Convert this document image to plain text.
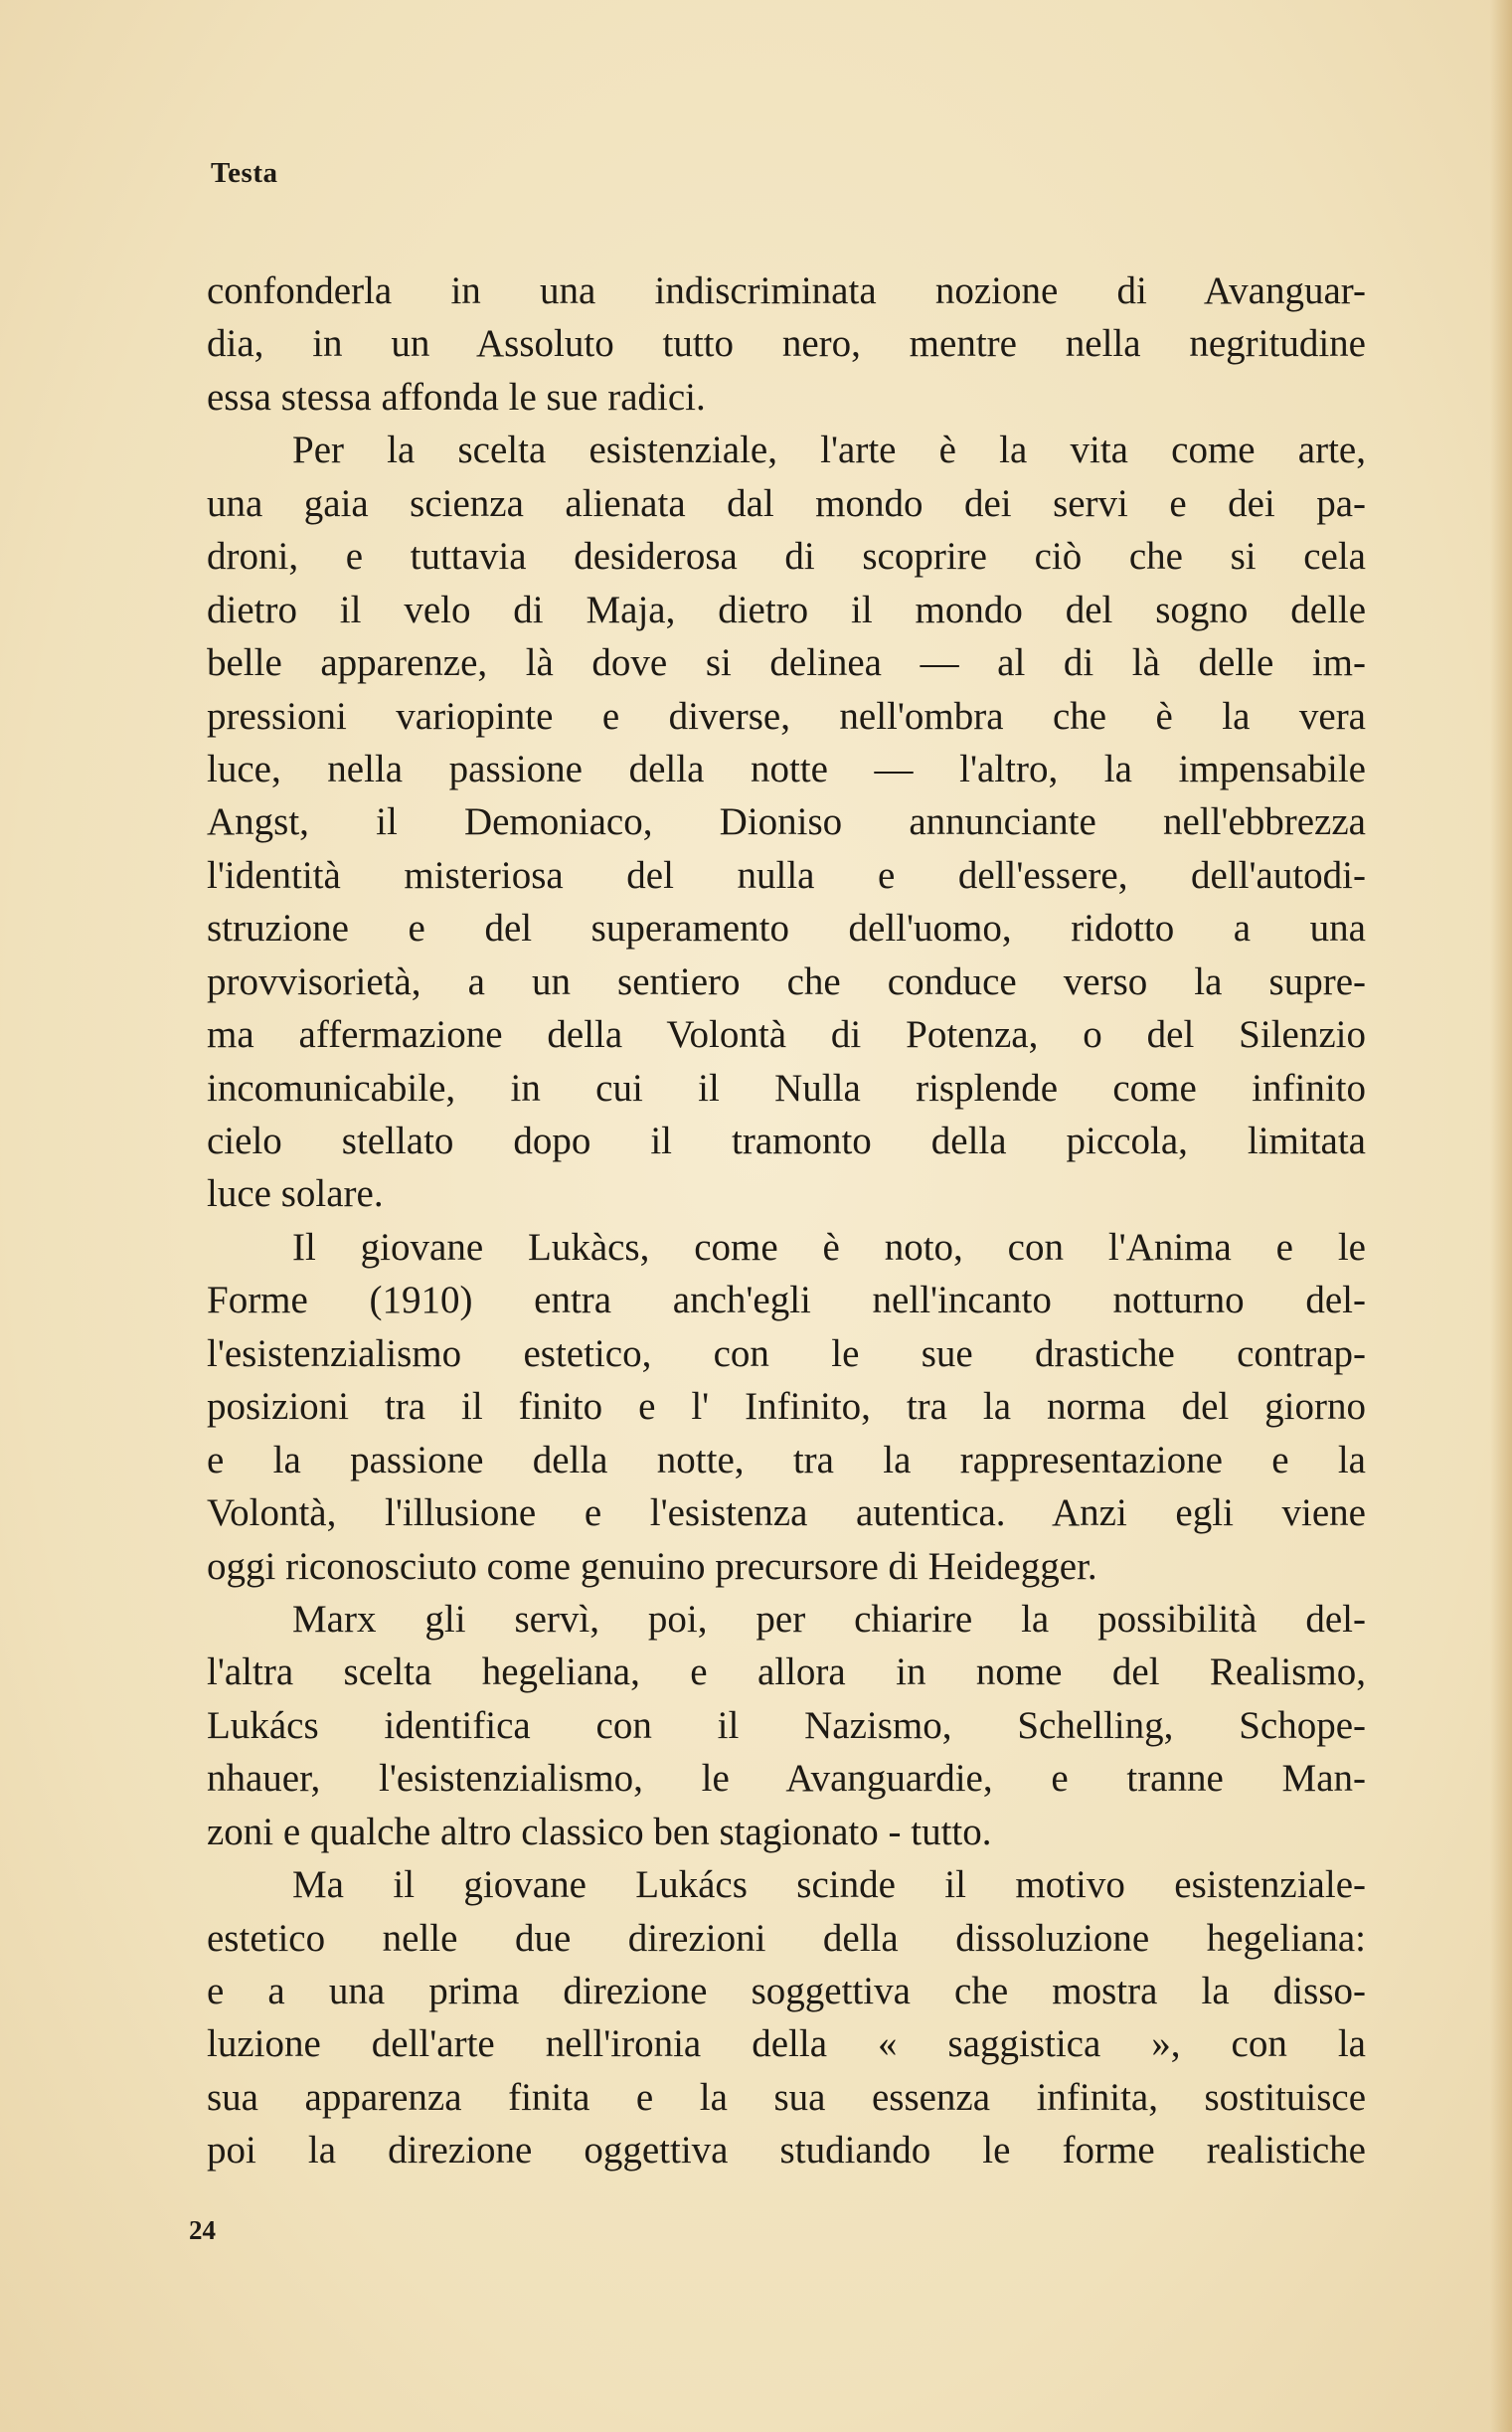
Testa
confonderla in una indiscriminata nozione di Avanguar-
dia, in un Assoluto tutto nero, mentre nella negritudine
essa stessa affonda le sue radici.
Per la scelta esistenziale, l'arte è la vita come arte,
una gaia scienza alienata dal mondo dei servi e dei pa-
droni, e tuttavia desiderosa di scoprire ciò che si cela
dietro il velo di Maja, dietro il mondo del sogno delle
belle apparenze, là dove si delinea — al di là delle im-
pressioni variopinte e diverse, nell'ombra che è la vera
luce, nella passione della notte — l'altro, la impensabile
Angst, il Demoniaco, Dioniso annunciante nell'ebbrezza
l'identità misteriosa del nulla e dell'essere, dell'autodi-
struzione e del superamento dell'uomo, ridotto a una
provvisorietà, a un sentiero che conduce verso la supre-
ma affermazione della Volontà di Potenza, o del Silenzio
incomunicabile, in cui il Nulla risplende come infinito
cielo stellato dopo il tramonto della piccola, limitata
luce solare.
Il giovane Lukàcs, come è noto, con l'Anima e le
Forme (1910) entra anch'egli nell'incanto notturno del-
l'esistenzialismo estetico, con le sue drastiche contrap-
posizioni tra il finito e l' Infinito, tra la norma del giorno
e la passione della notte, tra la rappresentazione e la
Volontà, l'illusione e l'esistenza autentica. Anzi egli viene
oggi riconosciuto come genuino precursore di Heidegger.
Marx gli servì, poi, per chiarire la possibilità del-
l'altra scelta hegeliana, e allora in nome del Realismo,
Lukács identifica con il Nazismo, Schelling, Schope-
nhauer, l'esistenzialismo, le Avanguardie, e tranne Man-
zoni e qualche altro classico ben stagionato - tutto.
Ma il giovane Lukács scinde il motivo esistenziale-
estetico nelle due direzioni della dissoluzione hegeliana:
e a una prima direzione soggettiva che mostra la disso-
luzione dell'arte nell'ironia della « saggistica », con la
sua apparenza finita e la sua essenza infinita, sostituisce
poi la direzione oggettiva studiando le forme realistiche
24
